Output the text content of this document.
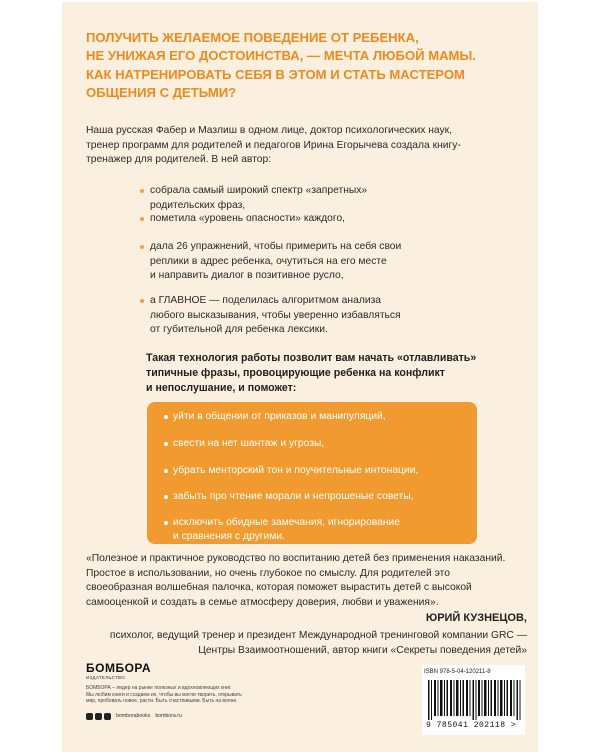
ПОЛУЧИТЬ ЖЕЛАЕМОЕ ПОВЕДЕНИЕ ОТ РЕБЕНКА,
НЕ УНИЖАЯ ЕГО ДОСТОИНСТВА, — МЕЧТА ЛЮБОЙ МАМЫ.
КАК НАТРЕНИРОВАТЬ СЕБЯ В ЭТОМ И СТАТЬ МАСТЕРОМ
ОБЩЕНИЯ С ДЕТЬМИ?
Наша русская Фабер и Мазлиш в одном лице, доктор психологических наук,
тренер программ для родителей и педагогов Ирина Егорычева создала книгу-
тренажер для родителей. В ней автор:
собрала самый широкий спектр «запретных»
родительских фраз,
пометила «уровень опасности» каждого,
дала 26 упражнений, чтобы примерить на себя свои
реплики в адрес ребенка, очутиться на его месте
и направить диалог в позитивное русло,
а ГЛАВНОЕ — поделилась алгоритмом анализа
любого высказывания, чтобы уверенно избавляться
от губительной для ребенка лексики.
Такая технология работы позволит вам начать «отлавливать»
типичные фразы, провоцирующие ребенка на конфликт
и непослушание, и поможет:
уйти в общении от приказов и манипуляций,
свести на нет шантаж и угрозы,
убрать менторский тон и поучительные интонации,
забыть про чтение морали и непрошеные советы,
исключить обидные замечания, игнорирование
и сравнения с другими.
«Полезное и практичное руководство по воспитанию детей без применения наказаний.
Простое в использовании, но очень глубокое по смыслу. Для родителей это
своеобразная волшебная палочка, которая поможет вырастить детей с высокой
самооценкой и создать в семье атмосферу доверия, любви и уважения».
ЮРИЙ КУЗНЕЦОВ,
психолог, ведущий тренер и президент Международной тренинговой компании GRC —
Центры Взаимоотношений, автор книги «Секреты поведения детей»
БОМБОРА
ИЗДАТЕЛЬСТВО
БОМБОРА – лидер на рынке полезных и вдохновляющих книг.
Мы любим книги и создаем их, чтобы вы могли творить, открывать
мир, пробовать новое, расти. Быть счастливыми. Быть на волне.
bomborabooks bombora.ru
ISBN 978-5-04-120211-8
9 785041 202118 >
